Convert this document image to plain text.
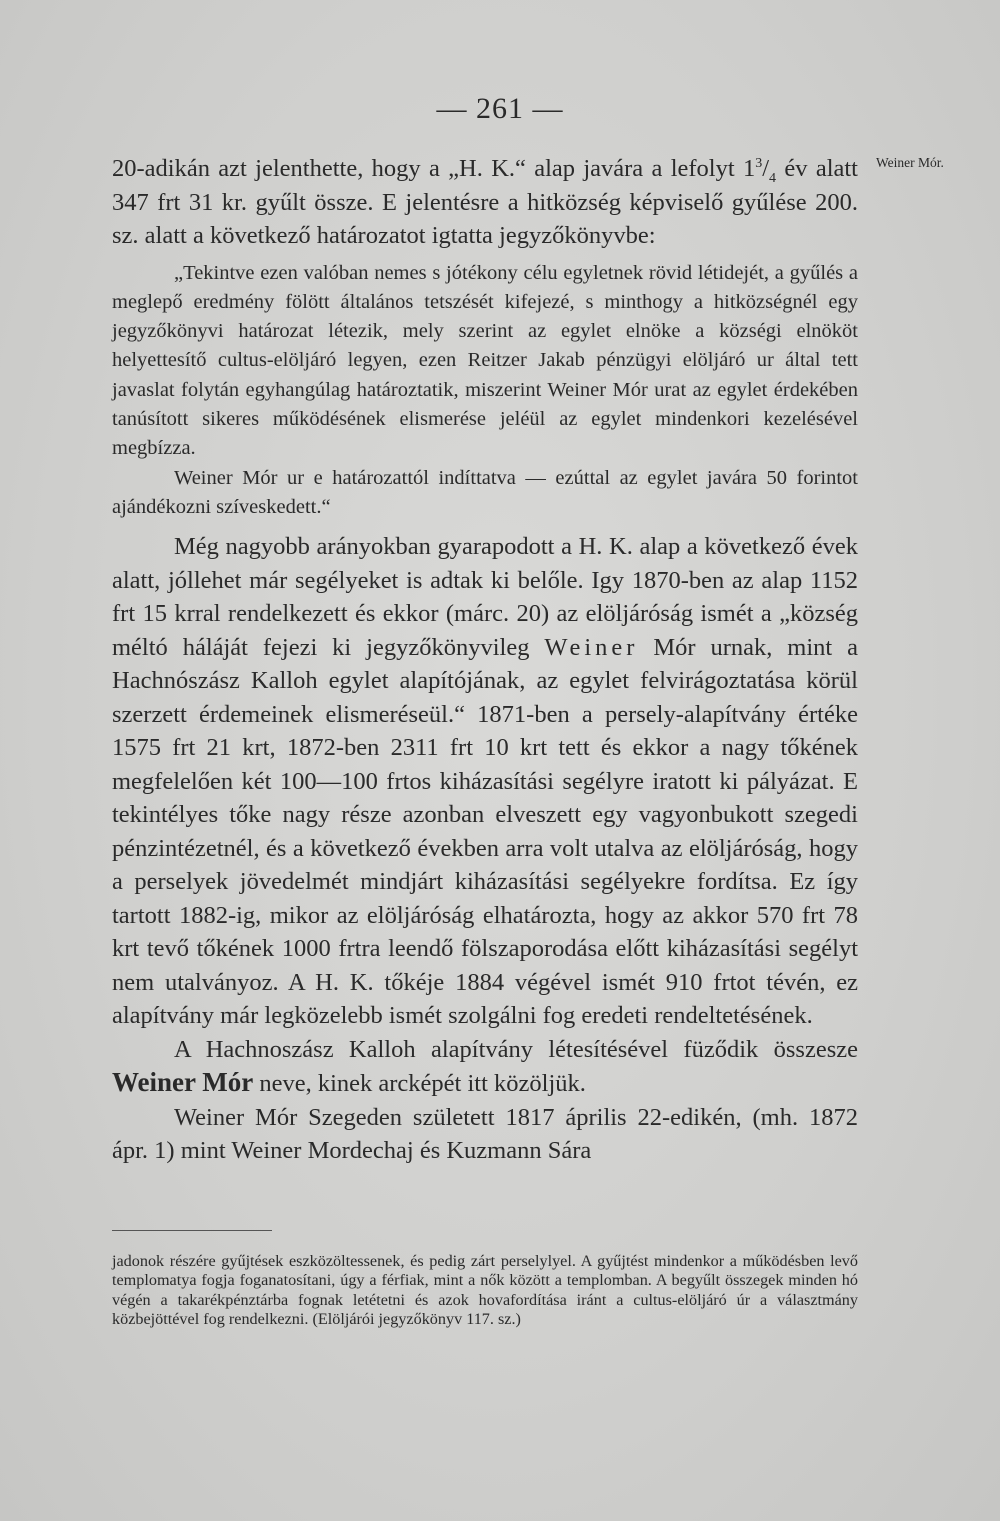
— 261 —
Weiner Mór.

20-adikán azt jelenthette, hogy a „H. K.“ alap javára a lefolyt $1^3/_4$ év alatt 347 frt 31 kr. gyűlt össze. E jelentésre a hitközség képviselő gyűlése 200. sz. alatt a következő határozatot igtatta jegyzőkönyvbe:

„Tekintve ezen valóban nemes s jótékony célu egyletnek rövid létidejét, a gyűlés a meglepő eredmény fölött általános tetszését kifejezé, s minthogy a hitközségnél egy jegyzőkönyvi határozat létezik, mely szerint az egylet elnöke a községi elnököt helyettesítő cultus-elöljáró legyen, ezen Reitzer Jakab pénzügyi elöljáró ur által tett javaslat folytán egyhangúlag határoztatik, miszerint Weiner Mór urat az egylet érdekében tanúsított sikeres működésének elismerése jeléül az egylet mindenkori kezelésével megbízza.

Weiner Mór ur e határozattól indíttatva — ezúttal az egylet javára 50 forintot ajándékozni szíveskedett.“

Még nagyobb arányokban gyarapodott a H. K. alap a következő évek alatt, jóllehet már segélyeket is adtak ki belőle. Igy 1870-ben az alap 1152 frt 15 krral rendelkezett és ekkor (márc. 20) az elöljáróság ismét a „község méltó háláját fejezi ki jegyzőkönyvileg Weiner Mór urnak, mint a Hachnószász Kalloh egylet alapítójának, az egylet felvirágoztatása körül szerzett érdemeinek elismeréseül.“ 1871-ben a persely-alapítvány értéke 1575 frt 21 krt, 1872-ben 2311 frt 10 krt tett és ekkor a nagy tőkének megfelelően két 100—100 frtos kiházasítási segélyre iratott ki pályázat. E tekintélyes tőke nagy része azonban elveszett egy vagyonbukott szegedi pénzintézetnél, és a következő években arra volt utalva az elöljáróság, hogy a perselyek jövedelmét mindjárt kiházasítási segélyekre fordítsa. Ez így tartott 1882-ig, mikor az elöljáróság elhatározta, hogy az akkor 570 frt 78 krt tevő tőkének 1000 frtra leendő fölszaporodása előtt kiházasítási segélyt nem utalványoz. A H. K. tőkéje 1884 végével ismét 910 frtot tévén, ez alapítvány már legközelebb ismét szolgálni fog eredeti rendeltetésének.

A Hachnoszász Kalloh alapítvány létesítésével füződik összesze Weiner Mór neve, kinek arcképét itt közöljük.

Weiner Mór Szegeden született 1817 április 22-edikén, (mh. 1872 ápr. 1) mint Weiner Mordechaj és Kuzmann Sára

jadonok részére gyűjtések eszközöltessenek, és pedig zárt perselylyel. A gyűjtést mindenkor a működésben levő templomatya fogja foganatosítani, úgy a férfiak, mint a nők között a templomban. A begyűlt összegek minden hó végén a takarékpénztárba fognak letétetni és azok hovafordítása iránt a cultus-elöljáró úr a választmány közbejöttével fog rendelkezni. (Elöljárói jegyzőkönyv 117. sz.)
